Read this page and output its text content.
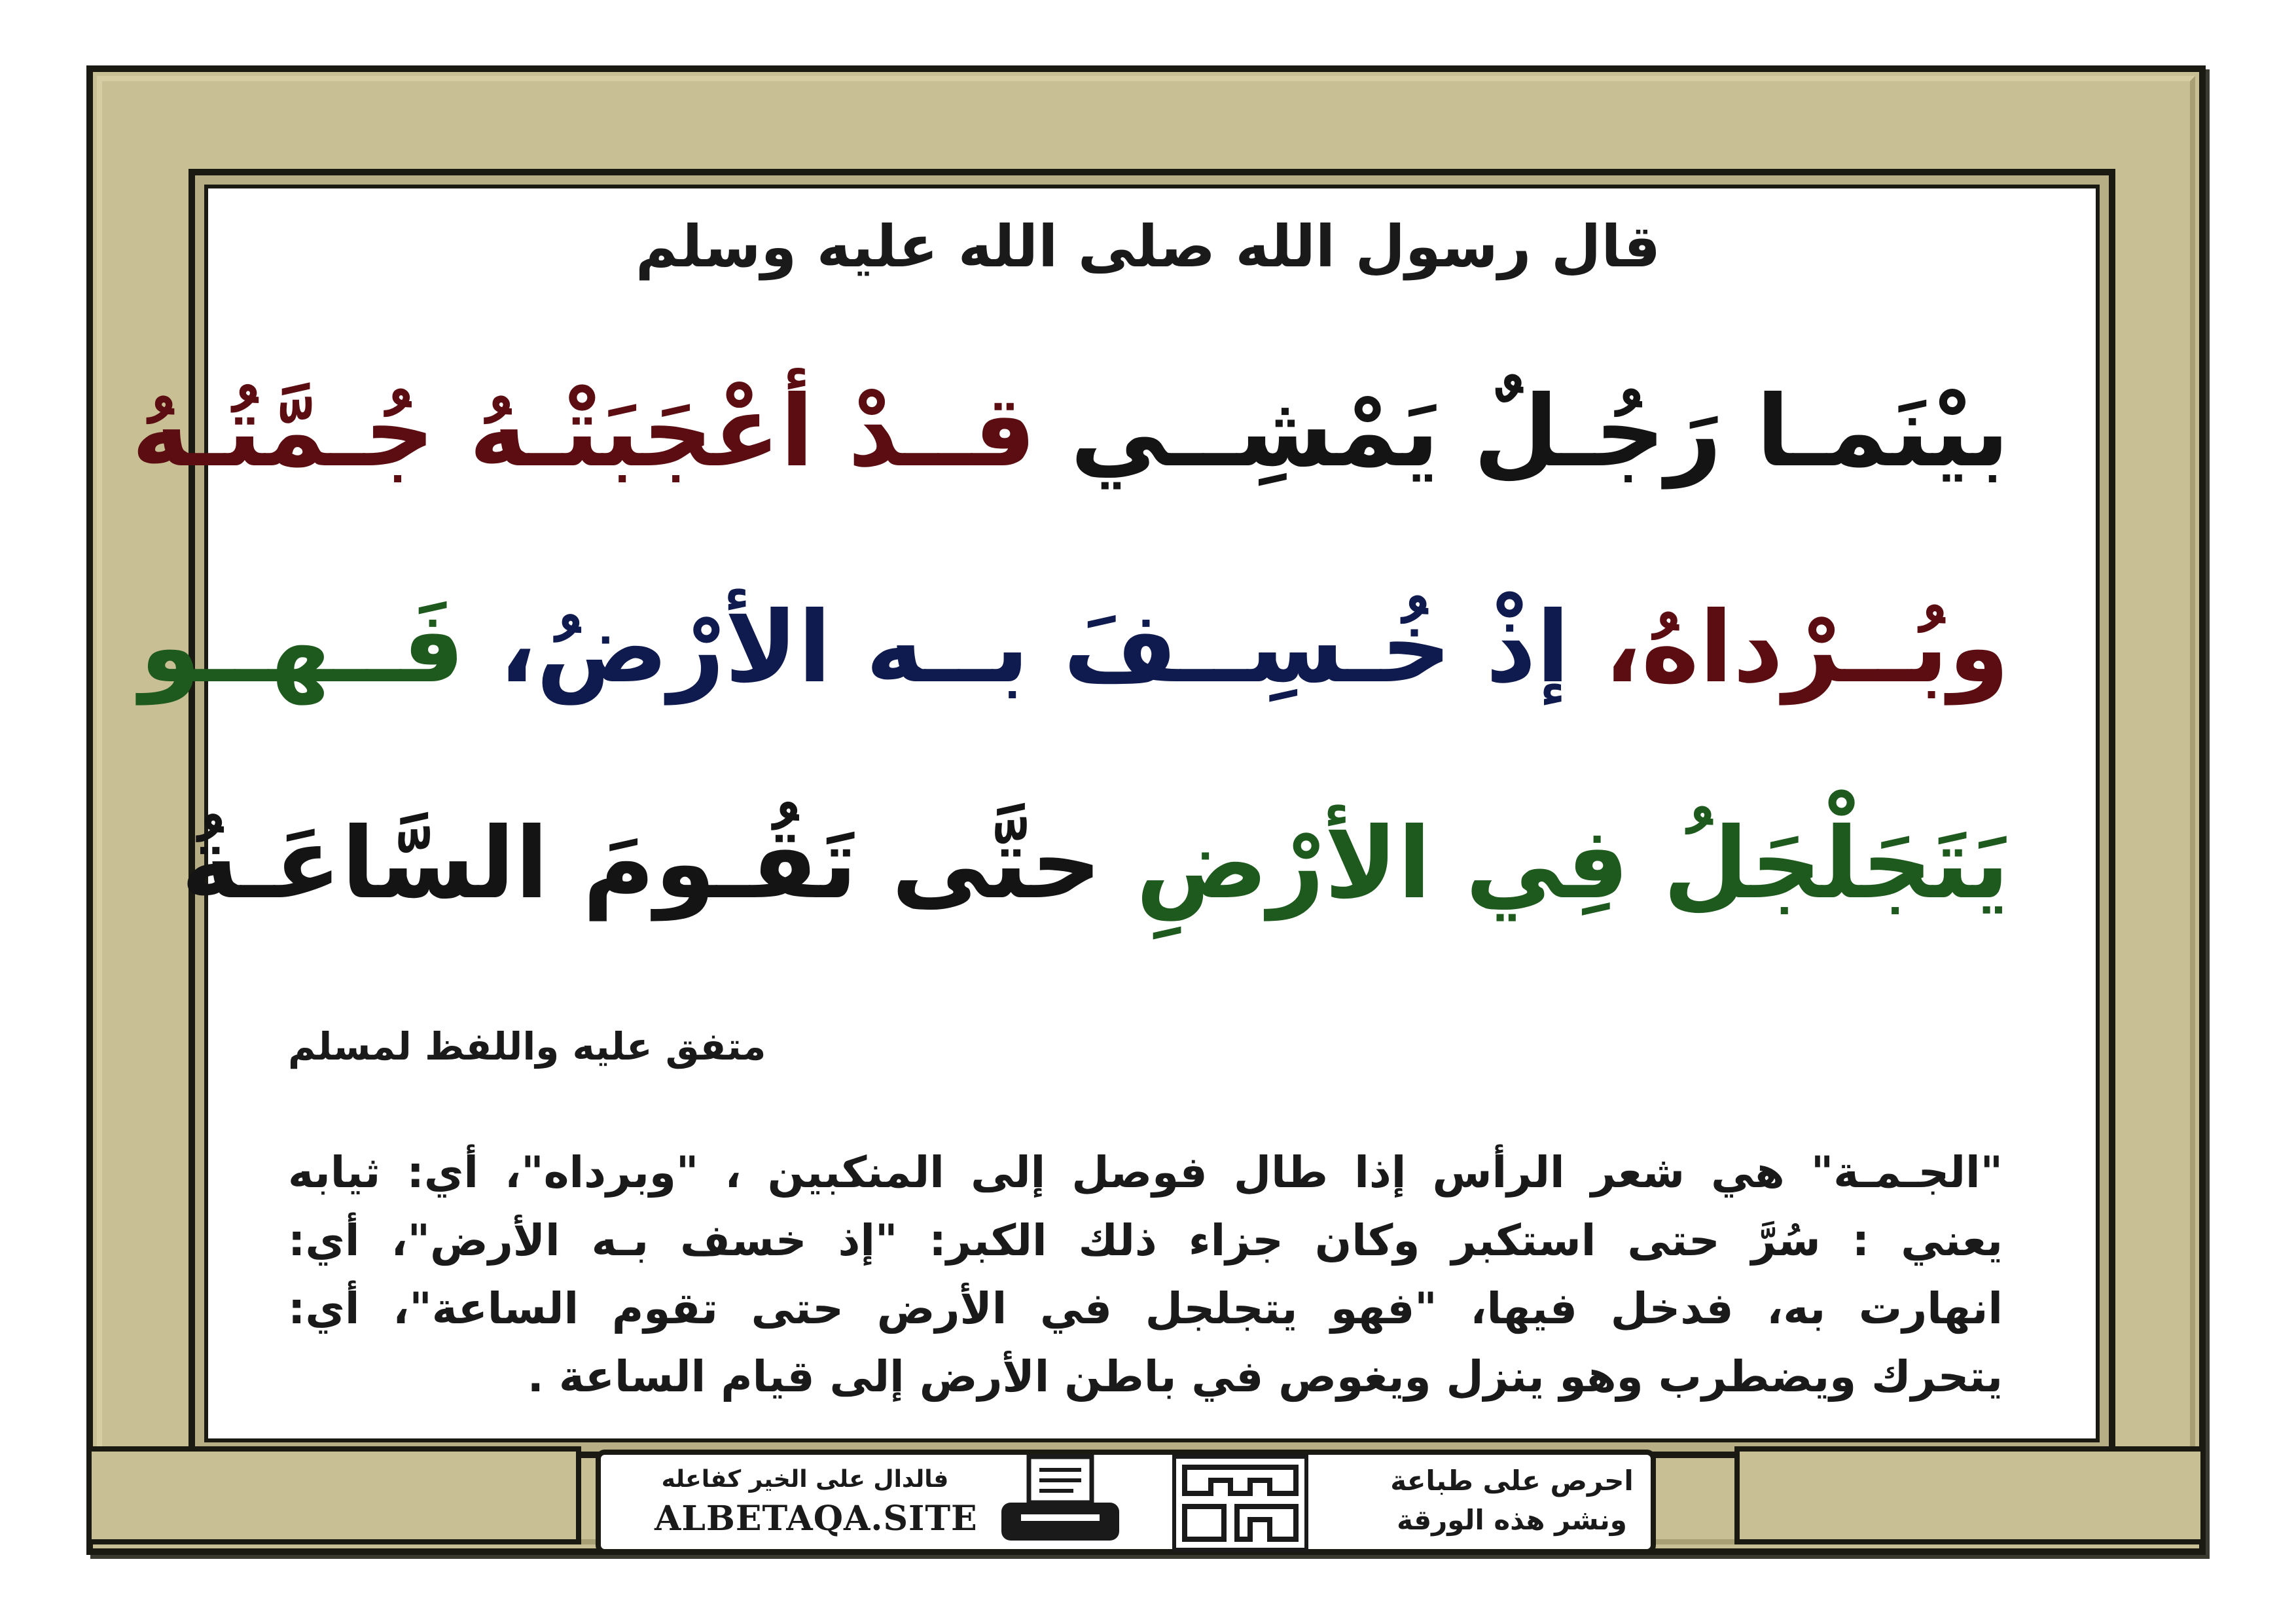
قال رسول الله صلى الله عليه وسلم

بيْنَمـا رَجُـلٌ يَمْشِــي قــدْ أعْجَبَتْـهُ جُـمَّتُـهُ

وبُــرْداهُ، إذْ خُـسِــفَ بــه الأرْضُ، فَــهــو

يَتَجَلْجَلُ فِي الأرْضِ حتَّى تَقُـومَ السَّاعَـةُ

متفق عليه واللفظ لمسلم

"الجـمـة" هي شعر الرأس إذا طال فوصل إلى المنكبين ، "وبرداه"، أي: ثيابه
يعني : سُرَّ حتى استكبر وكان جزاء ذلك الكبر: "إذ خسف بـه الأرض"، أي:
انهارت به، فدخل فيها، "فهو يتجلجل في الأرض حتى تقوم الساعة"، أي:
يتحرك ويضطرب وهو ينزل ويغوص في باطن الأرض إلى قيام الساعة .

فالدال على الخير كفاعله

ALBETAQA.SITE

احرص على طباعة

ونشر هذه الورقة
